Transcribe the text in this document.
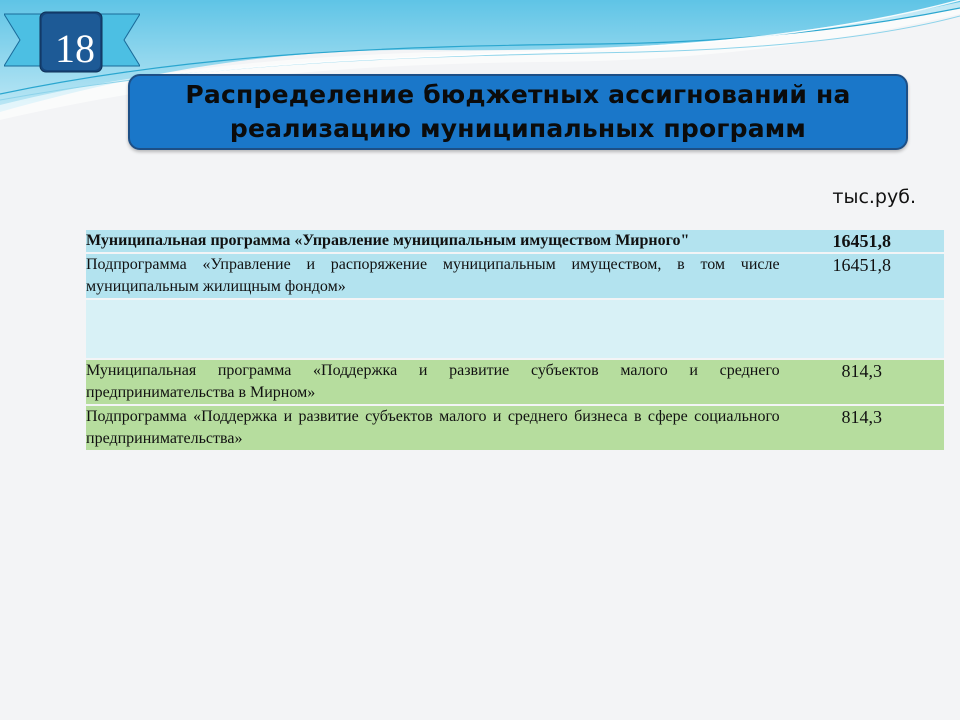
18

Распределение бюджетных ассигнований на
реализацию муниципальных программ

тыс.руб.
Муниципальная программа «Управление муниципальным имуществом Мирного"	16451,8
Подпрограмма «Управление и распоряжение муниципальным имуществом, в том числе муниципальным жилищным фондом»	16451,8

Муниципальная программа «Поддержка и развитие субъектов малого и среднего предпринимательства в Мирном»	814,3
Подпрограмма «Поддержка и развитие субъектов малого и среднего бизнеса в сфере социального предпринимательства»	814,3
